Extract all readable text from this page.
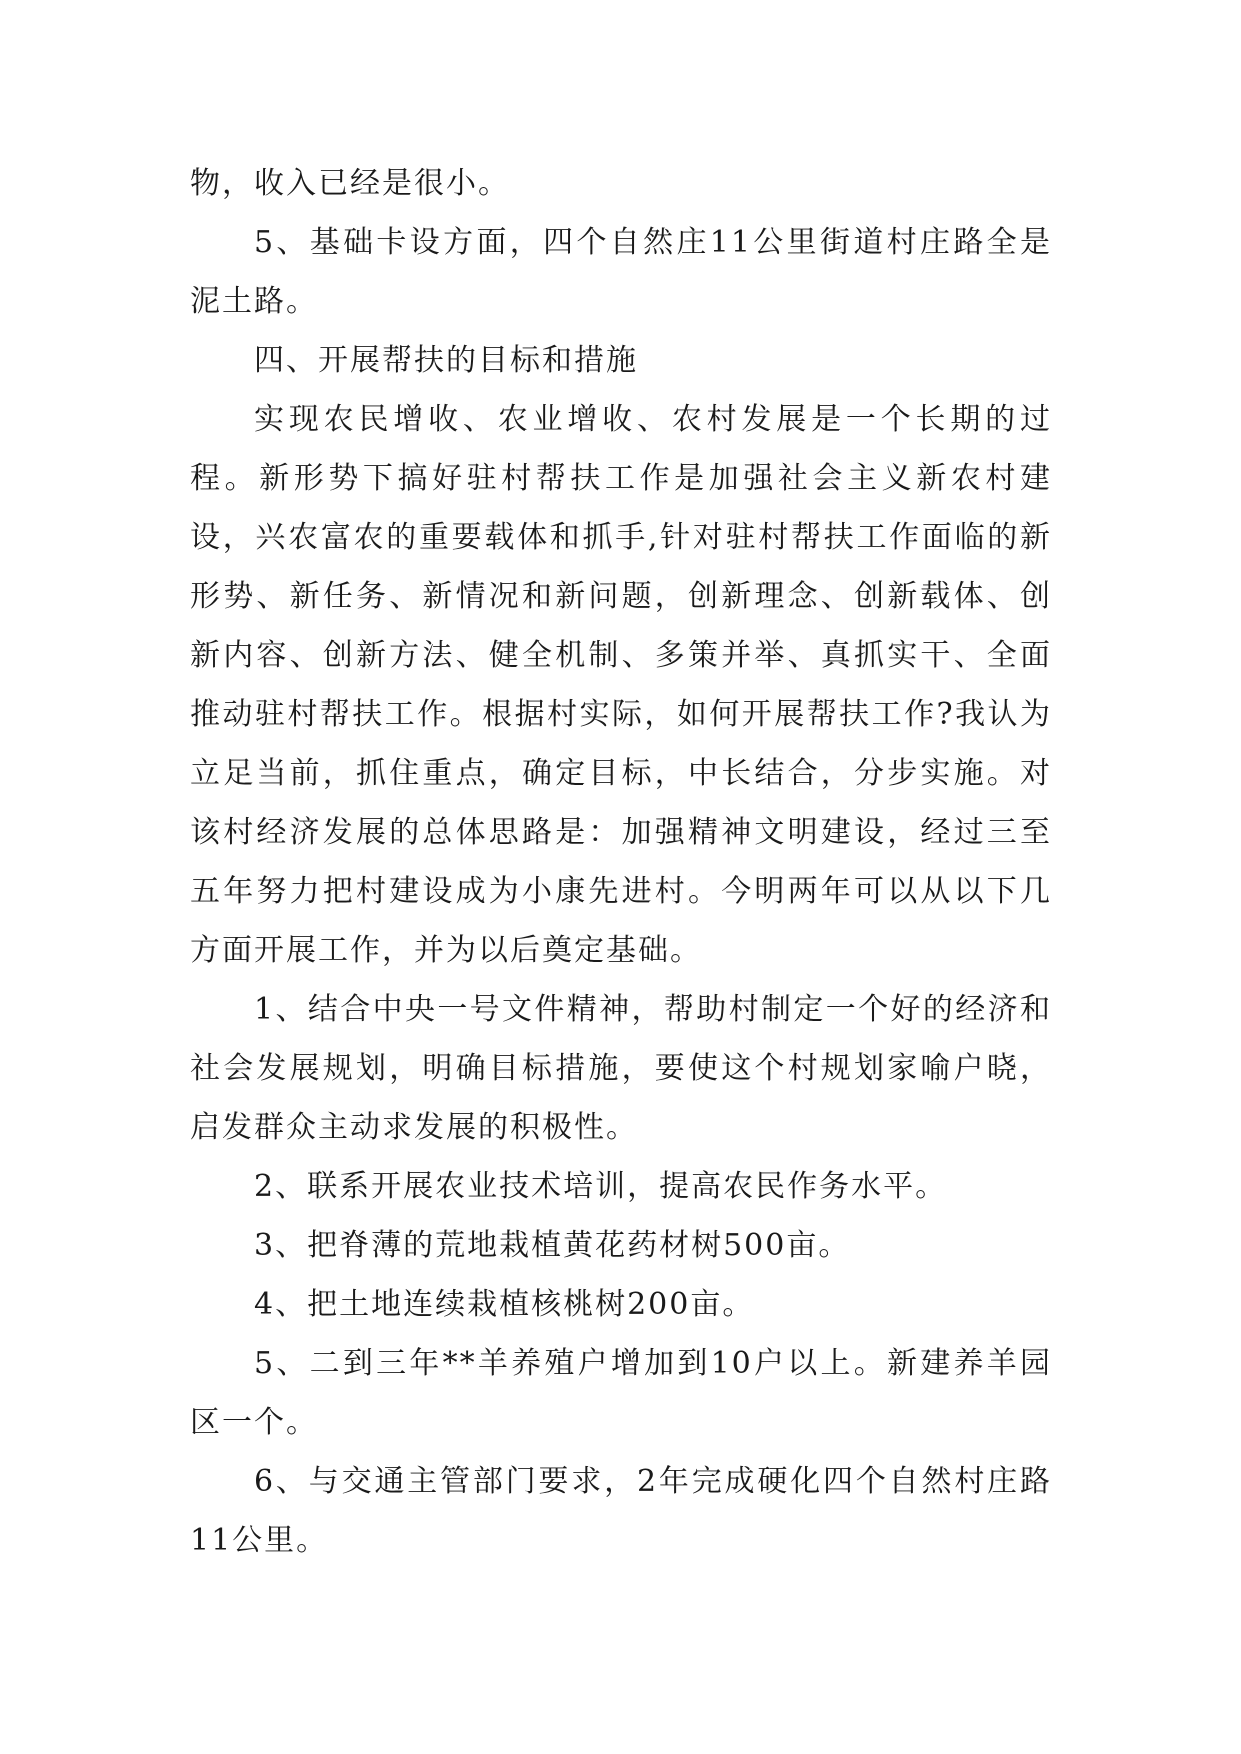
物，收入已经是很小。

5、基础卡设方面，四个自然庄11公里街道村庄路全是泥土路。

四、开展帮扶的目标和措施

实现农民增收、农业增收、农村发展是一个长期的过程。新形势下搞好驻村帮扶工作是加强社会主义新农村建设，兴农富农的重要载体和抓手,针对驻村帮扶工作面临的新形势、新任务、新情况和新问题，创新理念、创新载体、创新内容、创新方法、健全机制、多策并举、真抓实干、全面推动驻村帮扶工作。根据村实际，如何开展帮扶工作?我认为立足当前，抓住重点，确定目标，中长结合，分步实施。对该村经济发展的总体思路是：加强精神文明建设，经过三至五年努力把村建设成为小康先进村。今明两年可以从以下几方面开展工作，并为以后奠定基础。

1、结合中央一号文件精神，帮助村制定一个好的经济和社会发展规划，明确目标措施，要使这个村规划家喻户晓，启发群众主动求发展的积极性。

2、联系开展农业技术培训，提高农民作务水平。

3、把脊薄的荒地栽植黄花药材树500亩。

4、把土地连续栽植核桃树200亩。

5、二到三年**羊养殖户增加到10户以上。新建养羊园区一个。

6、与交通主管部门要求，2年完成硬化四个自然村庄路11公里。
